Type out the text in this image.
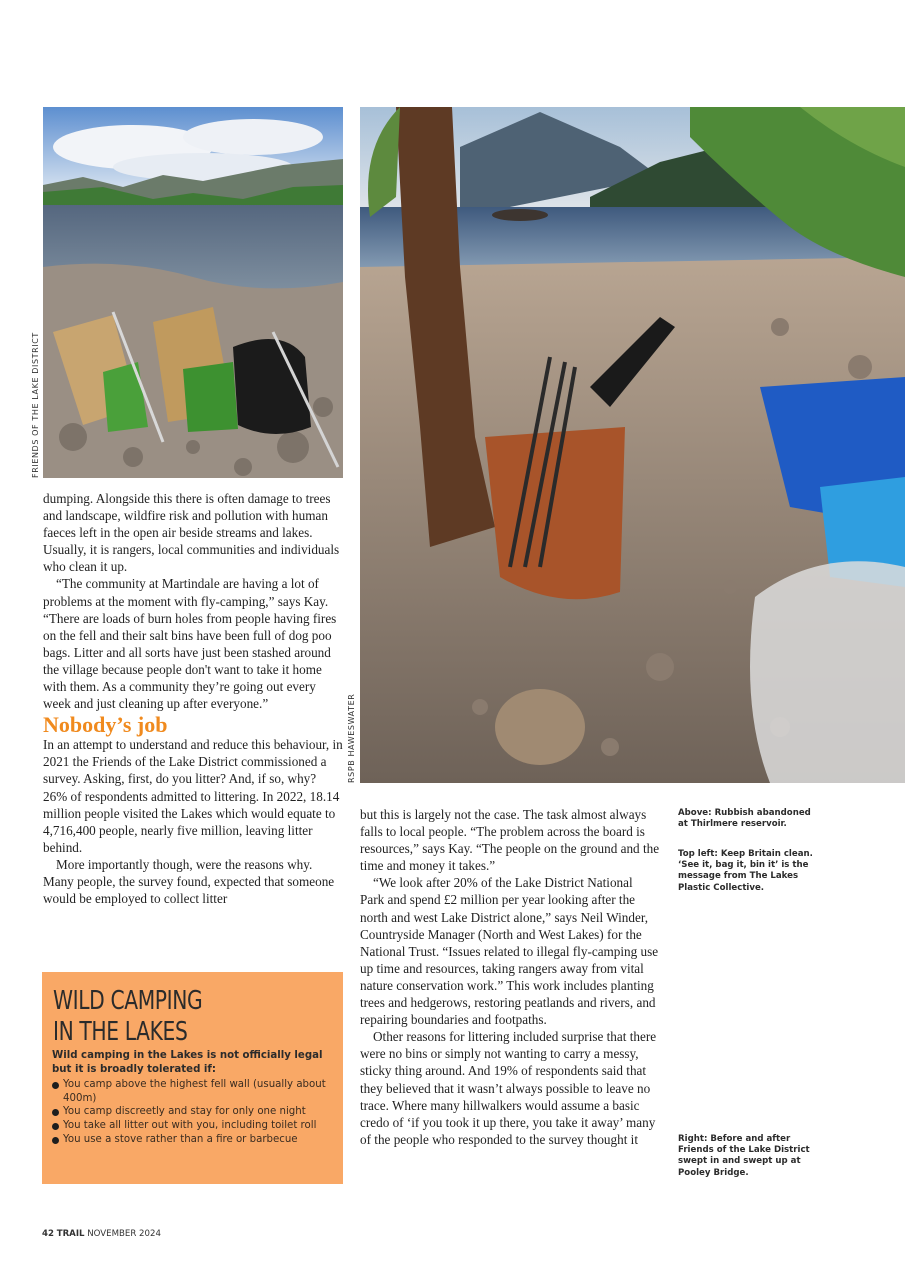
FRIENDS OF THE LAKE DISTRICT
RSPB HAWESWATER

dumping. Alongside this there is often damage to trees and landscape, wildfire risk and pollution with human faeces left in the open air beside streams and lakes. Usually, it is rangers, local communities and individuals who clean it up.

“The community at Martindale are having a lot of problems at the moment with fly-camping,” says Kay. “There are loads of burn holes from people having fires on the fell and their salt bins have been full of dog poo bags. Litter and all sorts have just been stashed around the village because people don't want to take it home with them. As a community they’re going out every week and just cleaning up after everyone.”

Nobody’s job

In an attempt to understand and reduce this behaviour, in 2021 the Friends of the Lake District commissioned a survey. Asking, first, do you litter? And, if so, why? 26% of respondents admitted to littering. In 2022, 18.14 million people visited the Lakes which would equate to 4,716,400 people, nearly five million, leaving litter behind.

More importantly though, were the reasons why. Many people, the survey found, expected that someone would be employed to collect litter

WILD CAMPING
IN THE LAKES
Wild camping in the Lakes is not officially legal but it is broadly tolerated if:
You camp above the highest fell wall (usually about 400m)
You camp discreetly and stay for only one night
You take all litter out with you, including toilet roll
You use a stove rather than a fire or barbecue

but this is largely not the case. The task almost always falls to local people. “The problem across the board is resources,” says Kay. “The people on the ground and the time and money it takes.”

“We look after 20% of the Lake District National Park and spend £2 million per year looking after the north and west Lake District alone,” says Neil Winder, Countryside Manager (North and West Lakes) for the National Trust. “Issues related to illegal fly-camping use up time and resources, taking rangers away from vital nature conservation work.” This work includes planting trees and hedgerows, restoring peatlands and rivers, and repairing boundaries and footpaths.

Other reasons for littering included surprise that there were no bins or simply not wanting to carry a messy, sticky thing around. And 19% of respondents said that they believed that it wasn’t always possible to leave no trace. Where many hillwalkers would assume a basic credo of ‘if you took it up there, you take it away’ many of the people who responded to the survey thought it

Above: Rubbish abandoned at Thirlmere reservoir.
Top left: Keep Britain clean. ‘See it, bag it, bin it’ is the message from The Lakes Plastic Collective.
Right: Before and after Friends of the Lake District swept in and swept up at Pooley Bridge.
42 TRAIL NOVEMBER 2024
